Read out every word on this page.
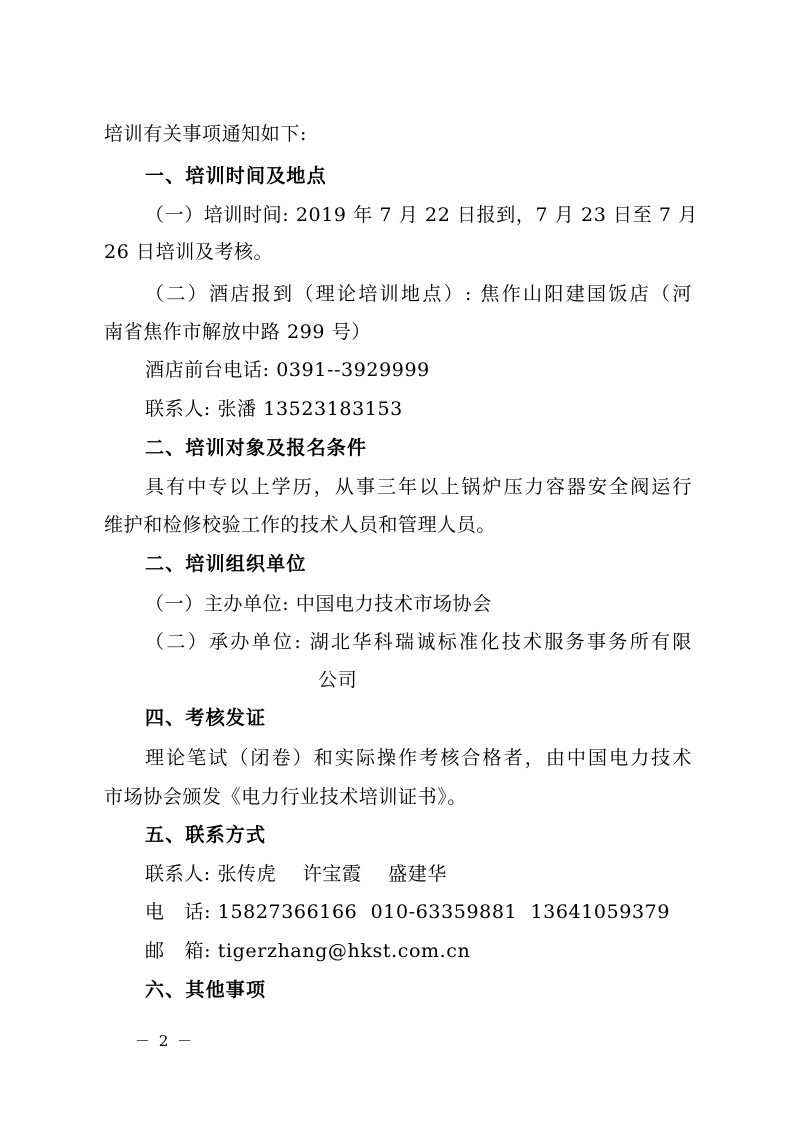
培训有关事项通知如下:
一、培训时间及地点
（一）培训时间: 2019 年 7 月 22 日报到，7 月 23 日至 7 月
26 日培训及考核。
（二）酒店报到（理论培训地点）: 焦作山阳建国饭店（河
南省焦作市解放中路 299 号）
酒店前台电话: 0391--3929999
联系人: 张潘 13523183153
二、培训对象及报名条件
具有中专以上学历，从事三年以上锅炉压力容器安全阀运行
维护和检修校验工作的技术人员和管理人员。
二、培训组织单位
（一）主办单位: 中国电力技术市场协会
（二）承办单位: 湖北华科瑞诚标准化技术服务事务所有限
公司
四、考核发证
理论笔试（闭卷）和实际操作考核合格者，由中国电力技术
市场协会颁发《电力行业技术培训证书》。
五、联系方式
联系人: 张传虎    许宝霞    盛建华
电   话: 15827366166  010-63359881  13641059379
邮   箱: tigerzhang@hkst.com.cn
六、其他事项
－ 2 －
